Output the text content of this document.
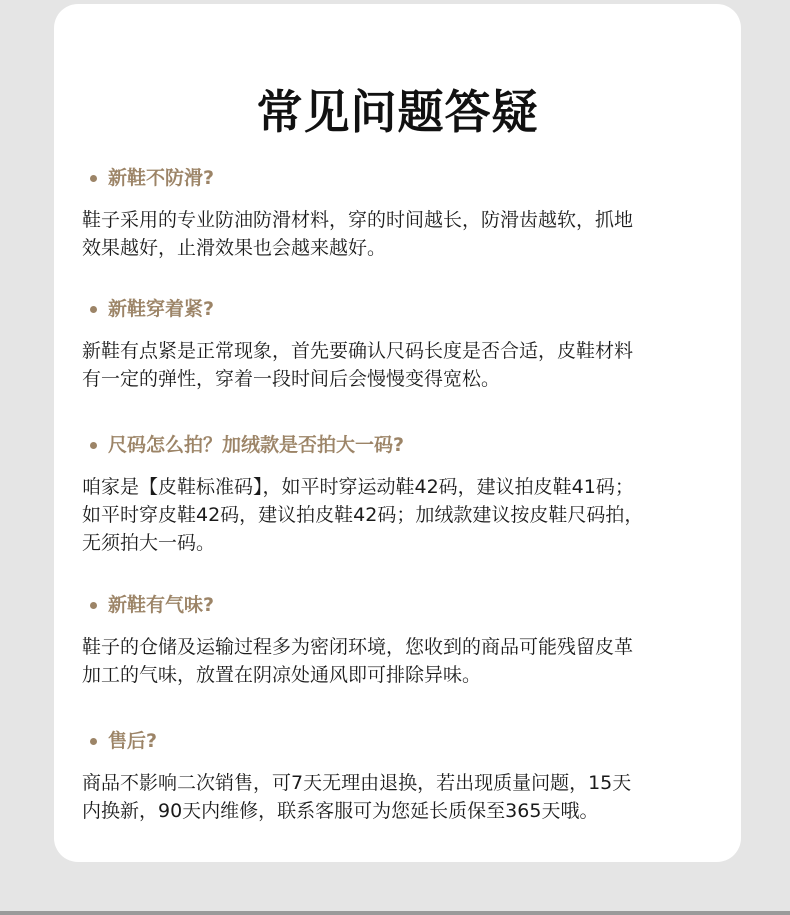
常见问题答疑
新鞋不防滑?
鞋子采用的专业防油防滑材料，穿的时间越长，防滑齿越软，抓地
效果越好，止滑效果也会越来越好。
新鞋穿着紧?
新鞋有点紧是正常现象，首先要确认尺码长度是否合适，皮鞋材料
有一定的弹性，穿着一段时间后会慢慢变得宽松。
尺码怎么拍？加绒款是否拍大一码?
咱家是【皮鞋标准码】，如平时穿运动鞋42码，建议拍皮鞋41码；
如平时穿皮鞋42码，建议拍皮鞋42码；加绒款建议按皮鞋尺码拍，
无须拍大一码。
新鞋有气味?
鞋子的仓储及运输过程多为密闭环境，您收到的商品可能残留皮革
加工的气味，放置在阴凉处通风即可排除异味。
售后?
商品不影响二次销售，可7天无理由退换，若出现质量问题，15天
内换新，90天内维修，联系客服可为您延长质保至365天哦。
